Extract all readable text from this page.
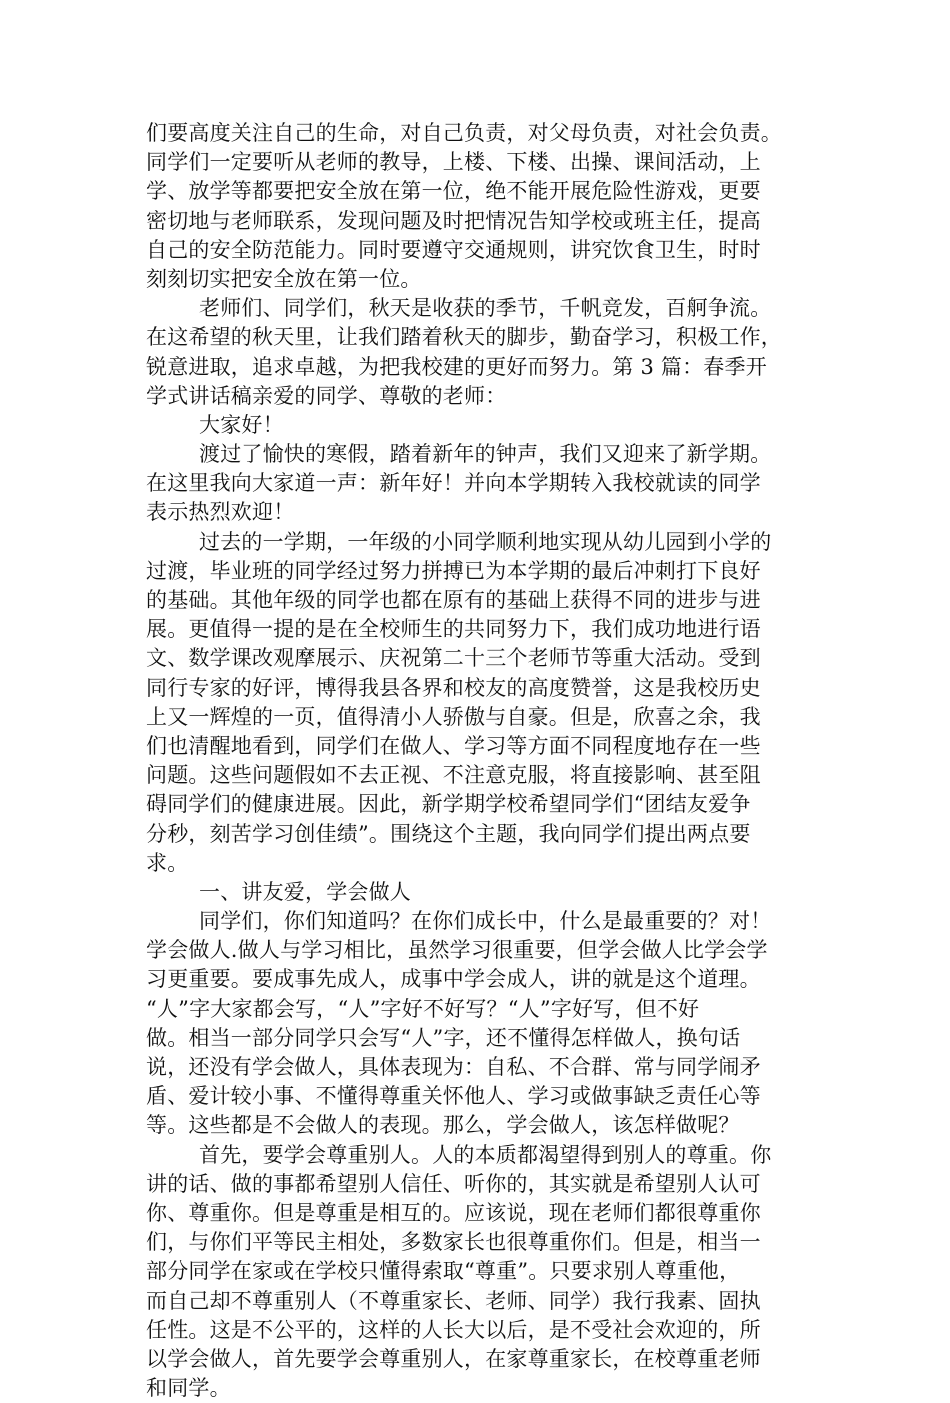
们要高度关注自己的生命，对自己负责，对父母负责，对社会负责。
同学们一定要听从老师的教导，上楼、下楼、出操、课间活动，上
学、放学等都要把安全放在第一位，绝不能开展危险性游戏，更要
密切地与老师联系，发现问题及时把情况告知学校或班主任，提高
自己的安全防范能力。同时要遵守交通规则，讲究饮食卫生，时时
刻刻切实把安全放在第一位。
老师们、同学们，秋天是收获的季节，千帆竞发，百舸争流。
在这希望的秋天里，让我们踏着秋天的脚步，勤奋学习，积极工作，
锐意进取，追求卓越，为把我校建的更好而努力。第 3 篇：春季开
学式讲话稿亲爱的同学、尊敬的老师：
大家好！
渡过了愉快的寒假，踏着新年的钟声，我们又迎来了新学期。
在这里我向大家道一声：新年好！并向本学期转入我校就读的同学
表示热烈欢迎！
过去的一学期，一年级的小同学顺利地实现从幼儿园到小学的
过渡，毕业班的同学经过努力拼搏已为本学期的最后冲刺打下良好
的基础。其他年级的同学也都在原有的基础上获得不同的进步与进
展。更值得一提的是在全校师生的共同努力下，我们成功地进行语
文、数学课改观摩展示、庆祝第二十三个老师节等重大活动。受到
同行专家的好评，博得我县各界和校友的高度赞誉，这是我校历史
上又一辉煌的一页，值得清小人骄傲与自豪。但是，欣喜之余，我
们也清醒地看到，同学们在做人、学习等方面不同程度地存在一些
问题。这些问题假如不去正视、不注意克服，将直接影响、甚至阻
碍同学们的健康进展。因此，新学期学校希望同学们“团结友爱争
分秒，刻苦学习创佳绩”。围绕这个主题，我向同学们提出两点要
求。
一、讲友爱，学会做人
同学们，你们知道吗？在你们成长中，什么是最重要的？对！
学会做人.做人与学习相比，虽然学习很重要，但学会做人比学会学
习更重要。要成事先成人，成事中学会成人，讲的就是这个道理。
“人”字大家都会写，“人”字好不好写？“人”字好写，但不好
做。相当一部分同学只会写“人”字，还不懂得怎样做人，换句话
说，还没有学会做人，具体表现为：自私、不合群、常与同学闹矛
盾、爱计较小事、不懂得尊重关怀他人、学习或做事缺乏责任心等
等。这些都是不会做人的表现。那么，学会做人，该怎样做呢？
首先，要学会尊重别人。人的本质都渴望得到别人的尊重。你
讲的话、做的事都希望别人信任、听你的，其实就是希望别人认可
你、尊重你。但是尊重是相互的。应该说，现在老师们都很尊重你
们，与你们平等民主相处，多数家长也很尊重你们。但是，相当一
部分同学在家或在学校只懂得索取“尊重”。只要求别人尊重他，
而自己却不尊重别人（不尊重家长、老师、同学）我行我素、固执
任性。这是不公平的，这样的人长大以后，是不受社会欢迎的，所
以学会做人，首先要学会尊重别人，在家尊重家长，在校尊重老师
和同学。
